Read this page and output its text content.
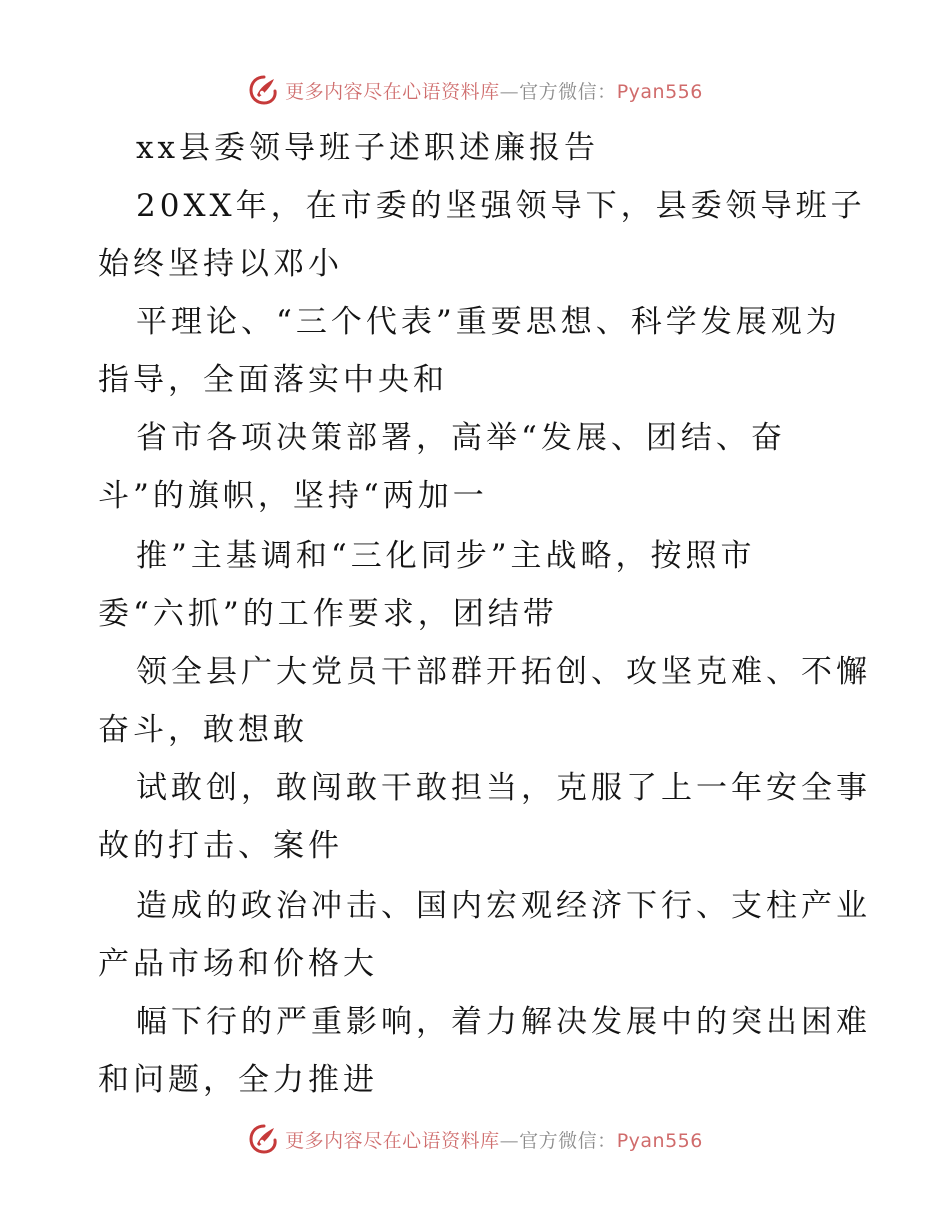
更多内容尽在心语资料库—官方微信：Pyan556
xx县委领导班子述职述廉报告
20XX年，在市委的坚强领导下，县委领导班子
始终坚持以邓小
平理论、“三个代表”重要思想、科学发展观为
指导，全面落实中央和
省市各项决策部署，高举“发展、团结、奋
斗”的旗帜，坚持“两加一
推”主基调和“三化同步”主战略，按照市
委“六抓”的工作要求，团结带
领全县广大党员干部群开拓创、攻坚克难、不懈
奋斗，敢想敢
试敢创，敢闯敢干敢担当，克服了上一年安全事
故的打击、案件
造成的政治冲击、国内宏观经济下行、支柱产业
产品市场和价格大
幅下行的严重影响，着力解决发展中的突出困难
和问题，全力推进
更多内容尽在心语资料库—官方微信：Pyan556
